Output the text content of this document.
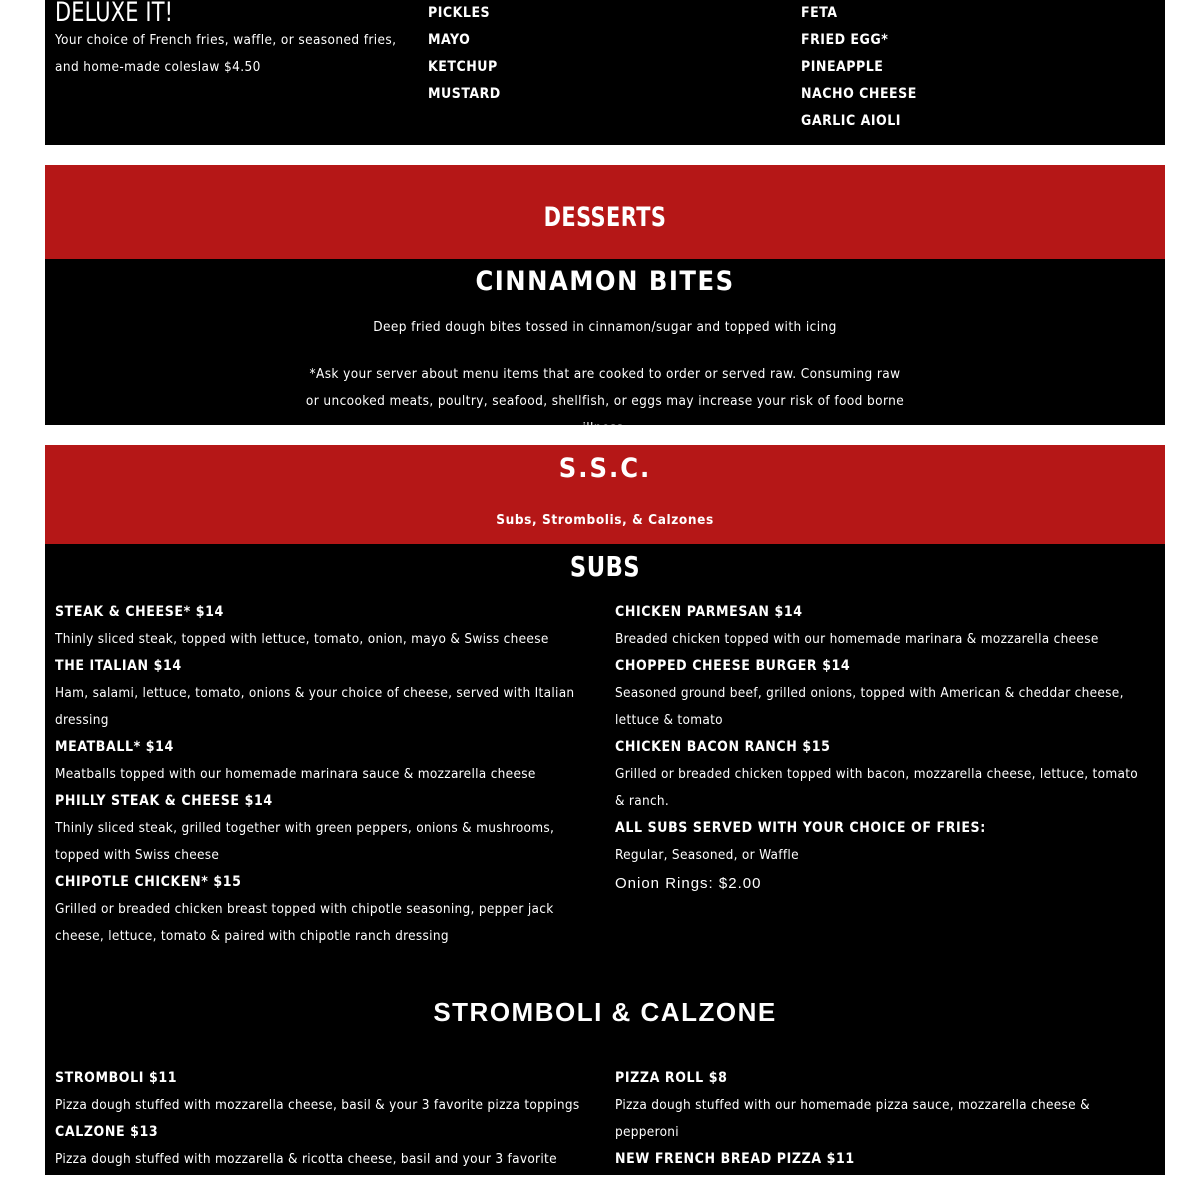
DELUXE IT!

Your choice of French fries, waffle, or seasoned fries, and home-made coleslaw $4.50

PICKLES
MAYO
KETCHUP
MUSTARD
FETA
FRIED EGG*
PINEAPPLE
NACHO CHEESE
GARLIC AIOLI
DESSERTS
CINNAMON BITES

Deep fried dough bites tossed in cinnamon/sugar and topped with icing

*Ask your server about menu items that are cooked to order or served raw. Consuming raw or uncooked meats, poultry, seafood, shellfish, or eggs may increase your risk of food borne illness.

S.S.C.

Subs, Strombolis, & Calzones

SUBS

STEAK & CHEESE* $14

Thinly sliced steak, topped with lettuce, tomato, onion, mayo & Swiss cheese

THE ITALIAN $14

Ham, salami, lettuce, tomato, onions & your choice of cheese, served with Italian dressing

MEATBALL* $14

Meatballs topped with our homemade marinara sauce & mozzarella cheese

PHILLY STEAK & CHEESE $14

Thinly sliced steak, grilled together with green peppers, onions & mushrooms, topped with Swiss cheese

CHIPOTLE CHICKEN* $15

Grilled or breaded chicken breast topped with chipotle seasoning, pepper jack cheese, lettuce, tomato & paired with chipotle ranch dressing

CHICKEN PARMESAN $14

Breaded chicken topped with our homemade marinara & mozzarella cheese

CHOPPED CHEESE BURGER $14

Seasoned ground beef, grilled onions, topped with American & cheddar cheese, lettuce & tomato

CHICKEN BACON RANCH $15

Grilled or breaded chicken topped with bacon, mozzarella cheese, lettuce, tomato & ranch.

ALL SUBS SERVED WITH YOUR CHOICE OF FRIES:

Regular, Seasoned, or Waffle

Onion Rings: $2.00

STROMBOLI & CALZONE

STROMBOLI $11

Pizza dough stuffed with mozzarella cheese, basil & your 3 favorite pizza toppings

CALZONE $13

Pizza dough stuffed with mozzarella & ricotta cheese, basil and your 3 favorite pizza toppings

PIZZA ROLL $8

Pizza dough stuffed with our homemade pizza sauce, mozzarella cheese & pepperoni

NEW FRENCH BREAD PIZZA $11

2 slices of French bread pizza with 3 of your favorite toppings
